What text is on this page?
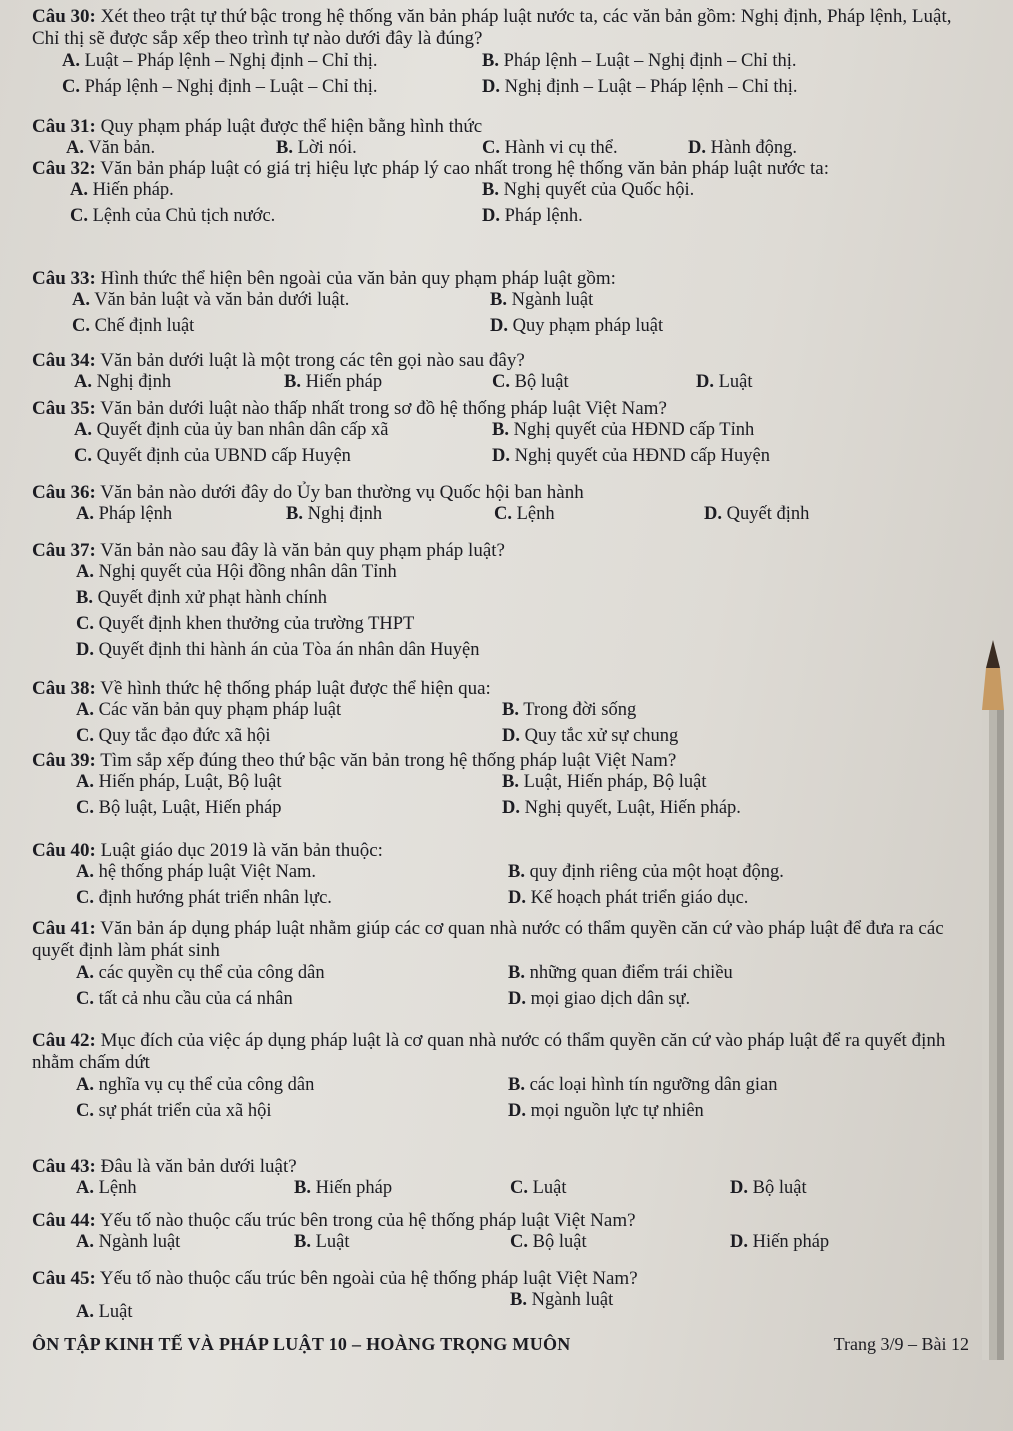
Câu 30: Xét theo trật tự thứ bậc trong hệ thống văn bản pháp luật nước ta, các văn bản gồm: Nghị định, Pháp lệnh, Luật, Chỉ thị sẽ được sắp xếp theo trình tự nào dưới đây là đúng?
A. Luật – Pháp lệnh – Nghị định – Chỉ thị.	B. Pháp lệnh – Luật – Nghị định – Chỉ thị.
C. Pháp lệnh – Nghị định – Luật – Chỉ thị.	D. Nghị định – Luật – Pháp lệnh – Chỉ thị.
Câu 31: Quy phạm pháp luật được thể hiện bằng hình thức
A. Văn bản.	B. Lời nói.	C. Hành vi cụ thể.	D. Hành động.
Câu 32: Văn bản pháp luật có giá trị hiệu lực pháp lý cao nhất trong hệ thống văn bản pháp luật nước ta:
A. Hiến pháp.	B. Nghị quyết của Quốc hội.
C. Lệnh của Chủ tịch nước.	D. Pháp lệnh.
Câu 33: Hình thức thể hiện bên ngoài của văn bản quy phạm pháp luật gồm:
A. Văn bản luật và văn bản dưới luật.	B. Ngành luật
C. Chế định luật	D. Quy phạm pháp luật
Câu 34: Văn bản dưới luật là một trong các tên gọi nào sau đây?
A. Nghị định	B. Hiến pháp	C. Bộ luật	D. Luật
Câu 35: Văn bản dưới luật nào thấp nhất trong sơ đồ hệ thống pháp luật Việt Nam?
A. Quyết định của ủy ban nhân dân cấp xã	B. Nghị quyết của HĐND cấp Tỉnh
C. Quyết định của UBND cấp Huyện	D. Nghị quyết của HĐND cấp Huyện
Câu 36: Văn bản nào dưới đây do Ủy ban thường vụ Quốc hội ban hành
A. Pháp lệnh	B. Nghị định	C. Lệnh	D. Quyết định
Câu 37: Văn bản nào sau đây là văn bản quy phạm pháp luật?
A. Nghị quyết của Hội đồng nhân dân Tỉnh
B. Quyết định xử phạt hành chính
C. Quyết định khen thưởng của trường THPT
D. Quyết định thi hành án của Tòa án nhân dân Huyện
Câu 38: Về hình thức hệ thống pháp luật được thể hiện qua:
A. Các văn bản quy phạm pháp luật	B. Trong đời sống
C. Quy tắc đạo đức xã hội	D. Quy tắc xử sự chung
Câu 39: Tìm sắp xếp đúng theo thứ bậc văn bản trong hệ thống pháp luật Việt Nam?
A. Hiến pháp, Luật, Bộ luật	B. Luật, Hiến pháp, Bộ luật
C. Bộ luật, Luật, Hiến pháp	D. Nghị quyết, Luật, Hiến pháp.
Câu 40: Luật giáo dục 2019 là văn bản thuộc:
A. hệ thống pháp luật Việt Nam.	B. quy định riêng của một hoạt động.
C. định hướng phát triển nhân lực.	D. Kế hoạch phát triển giáo dục.
Câu 41: Văn bản áp dụng pháp luật nhằm giúp các cơ quan nhà nước có thẩm quyền căn cứ vào pháp luật để đưa ra các quyết định làm phát sinh
A. các quyền cụ thể của công dân	B. những quan điểm trái chiều
C. tất cả nhu cầu của cá nhân	D. mọi giao dịch dân sự.
Câu 42: Mục đích của việc áp dụng pháp luật là cơ quan nhà nước có thẩm quyền căn cứ vào pháp luật để ra quyết định nhằm chấm dứt
A. nghĩa vụ cụ thể của công dân	B. các loại hình tín ngưỡng dân gian
C. sự phát triển của xã hội	D. mọi nguồn lực tự nhiên
Câu 43: Đâu là văn bản dưới luật?
A. Lệnh	B. Hiến pháp	C. Luật	D. Bộ luật
Câu 44: Yếu tố nào thuộc cấu trúc bên trong của hệ thống pháp luật Việt Nam?
A. Ngành luật	B. Luật	C. Bộ luật	D. Hiến pháp
Câu 45: Yếu tố nào thuộc cấu trúc bên ngoài của hệ thống pháp luật Việt Nam?
A. Luật
B. Ngành luật
ÔN TẬP KINH TẾ VÀ PHÁP LUẬT 10 – HOÀNG TRỌNG MUÔN	Trang 3/9 – Bài 12
